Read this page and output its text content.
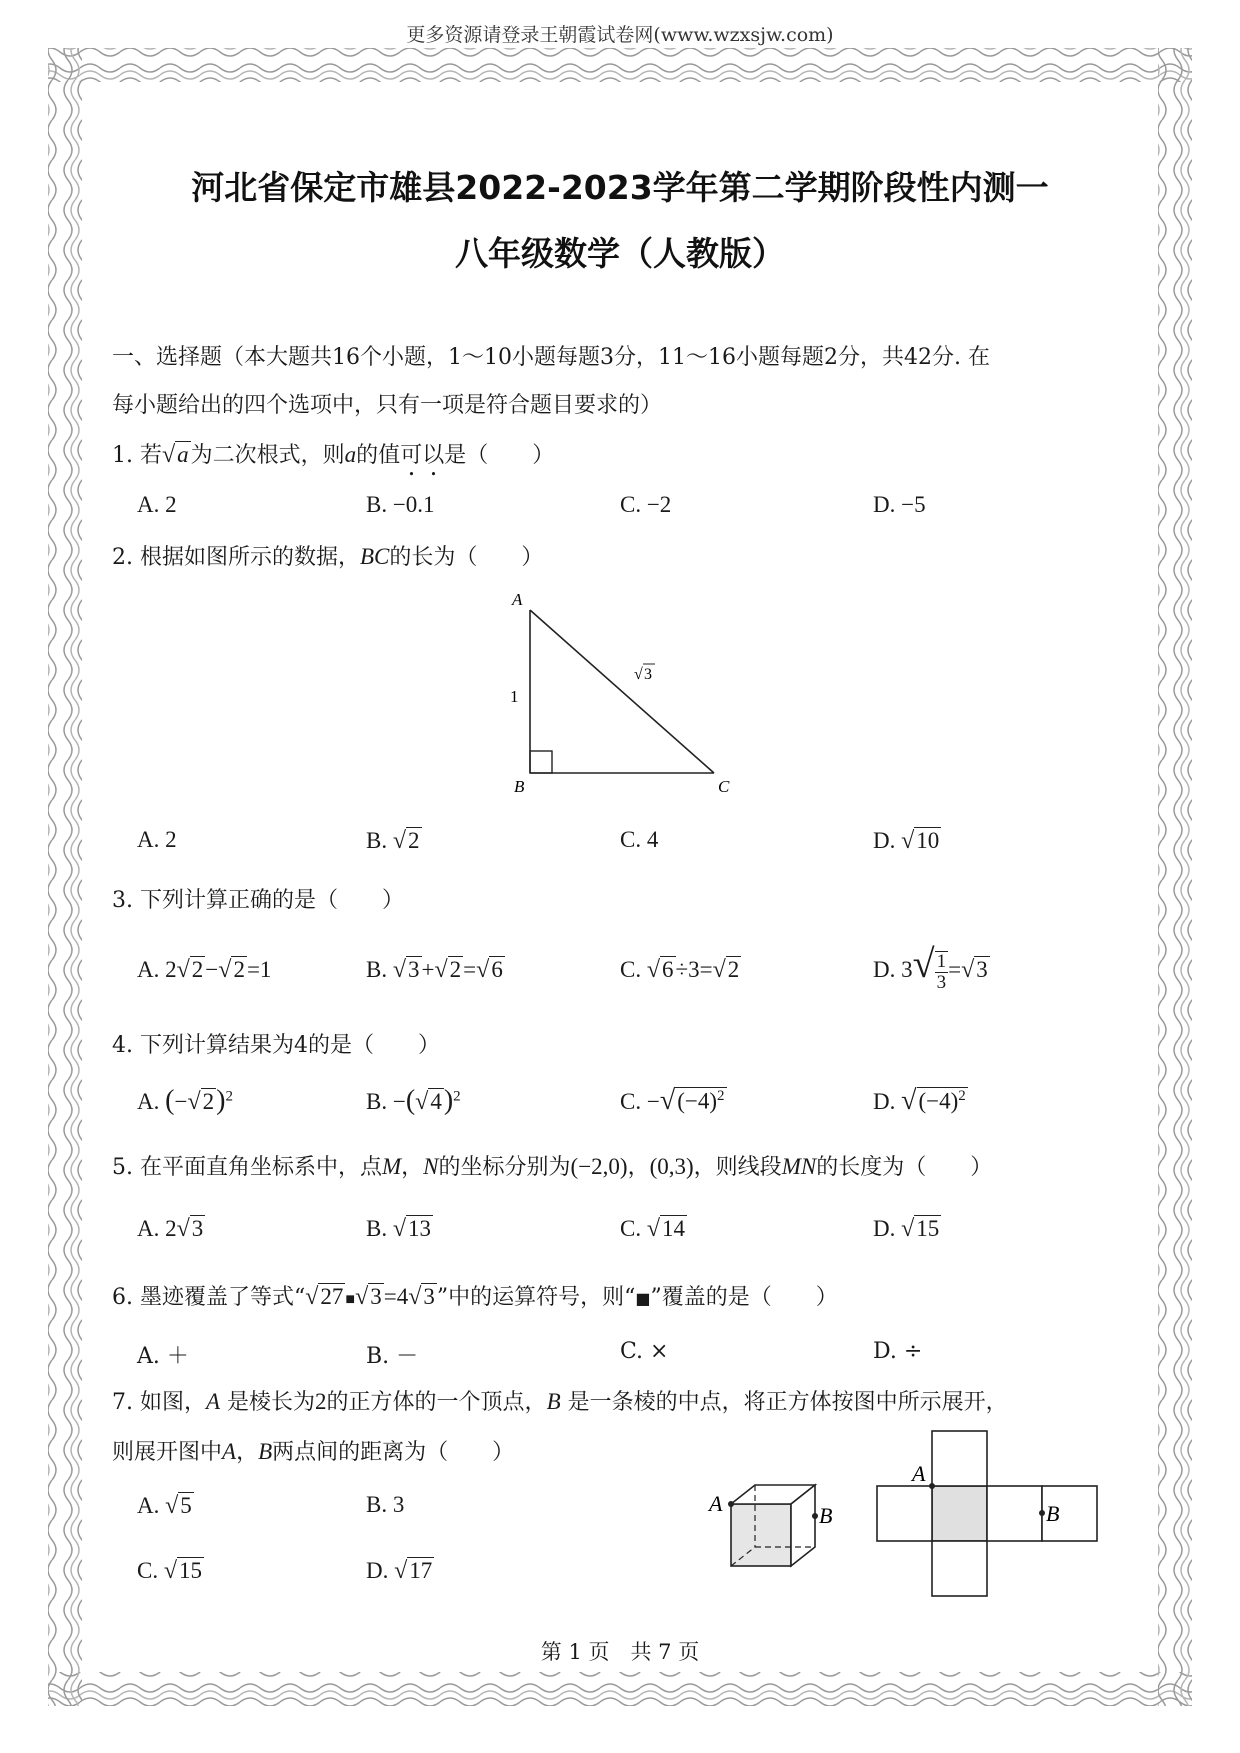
更多资源请登录王朝霞试卷网(www.wzxsjw.com)
河北省保定市雄县2022-2023学年第二学期阶段性内测一
八年级数学（人教版）
一、选择题（本大题共16个小题，1～10小题每题3分，11～16小题每题2分，共42分. 在
每小题给出的四个选项中，只有一项是符合题目要求的）
1. 若√a为二次根式，则a的值可以是（　　）
A. 2	B. −0.1	C. −2	D. −5
2. 根据如图所示的数据，BC的长为（　　）
A
B	C
1
√ 3
A. 2	B. √2	C. 4	D. √10
3. 下列计算正确的是（　　）
A. 2√2−√2=1	B. √3+√2=√6	C. √6÷3=√2	D. $3√ \frac{1}{3} =√3$
4. 下列计算结果为4的是（　　）
A. $(-√2)^2$	B. $-(√4)^2$	C. $-√(-4)^2$	D. $√(-4)^2$
5. 在平面直角坐标系中，点M，N的坐标分别为(−2,0)，(0,3)，则线段MN的长度为（　　）
A. 2√3	B. √13	C. √14	D. √15
6. 墨迹覆盖了等式“√27 ■√3=4√3”中的运算符号，则“■”覆盖的是（　　）
A. ＋	B. －	C. ×	D. ÷
7. 如图，A 是棱长为2的正方体的一个顶点，B 是一条棱的中点，将正方体按图中所示展开，
则展开图中A，B两点间的距离为（　　）
A. √5	B. 3
C. √15	D. √17
A	B
A
B
第 1 页　共 7 页
